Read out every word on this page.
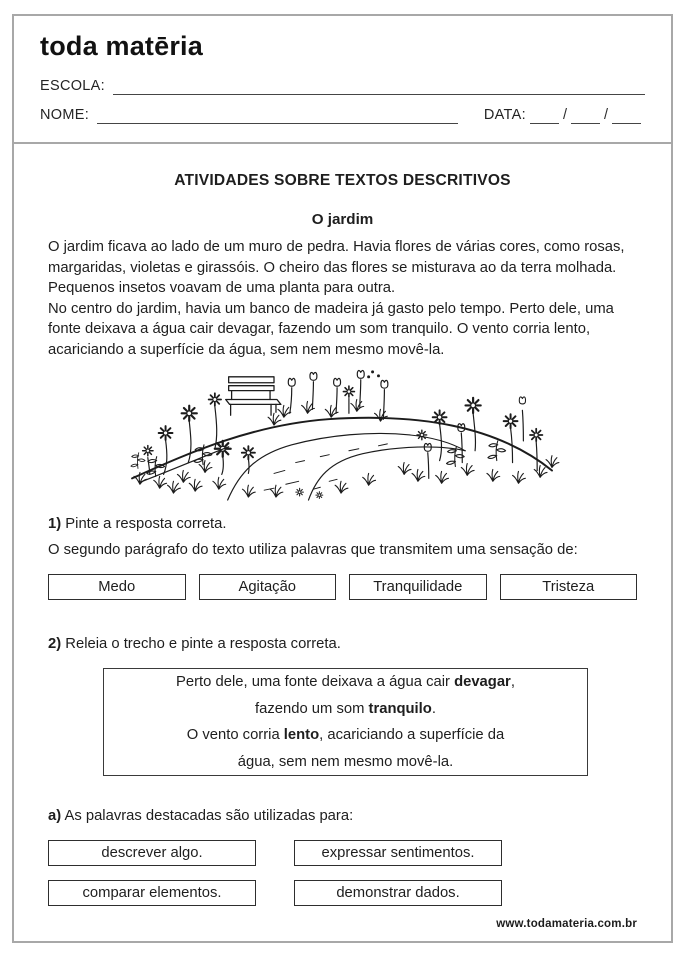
toda matēria
ESCOLA:
NOME:	DATA:	/	/
ATIVIDADES SOBRE TEXTOS DESCRITIVOS
O jardim

O jardim ficava ao lado de um muro de pedra. Havia flores de várias cores, como rosas, margaridas, violetas e girassóis. O cheiro das flores se misturava ao da terra molhada. Pequenos insetos voavam de uma planta para outra.

No centro do jardim, havia um banco de madeira já gasto pelo tempo. Perto dele, uma fonte deixava a água cair devagar, fazendo um som tranquilo. O vento corria lento, acariciando a superfície da água, sem nem mesmo movê-la.

1) Pinte a resposta correta.
O segundo parágrafo do texto utiliza palavras que transmitem uma sensação de:
Medo	Agitação	Tranquilidade	Tristeza
2) Releia o trecho e pinte a resposta correta.
Perto dele, uma fonte deixava a água cair devagar,
fazendo um som tranquilo.
O vento corria lento, acariciando a superfície da
água, sem nem mesmo movê-la.
a) As palavras destacadas são utilizadas para:
descrever algo.	expressar sentimentos.
comparar elementos.	demonstrar dados.
www.todamateria.com.br
